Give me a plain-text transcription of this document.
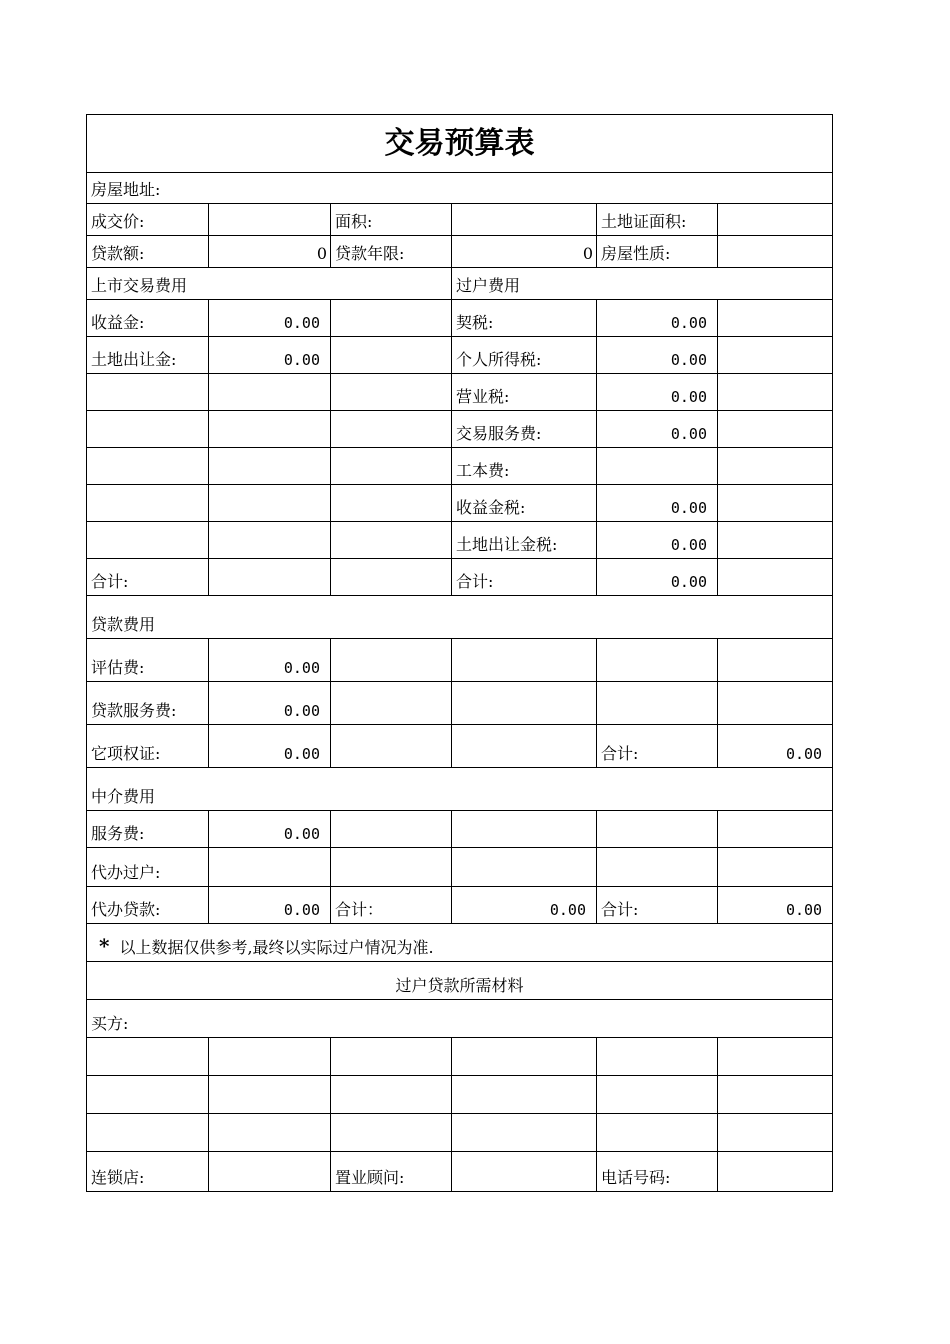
交易预算表					
房屋地址:					
成交价:		面积:		土地证面积:	
贷款额:	0	贷款年限:	0	房屋性质:	
上市交易费用			过户费用		
收益金:	0.00		契税:	0.00	
土地出让金:	0.00		个人所得税:	0.00	
			营业税:	0.00	
			交易服务费:	0.00	
			工本费:		
			收益金税:	0.00	
			土地出让金税:	0.00	
合计:			合计:	0.00	
贷款费用					
评估费:	0.00				
贷款服务费:	0.00				
它项权证:	0.00			合计:	0.00
中介费用					
服务费:	0.00				
代办过户:					
代办贷款:	0.00	合计：	0.00	合计:	0.00
* 以上数据仅供参考,最终以实际过户情况为准.					
过户贷款所需材料					
买方:					

连锁店:		置业顾问:		电话号码:	
